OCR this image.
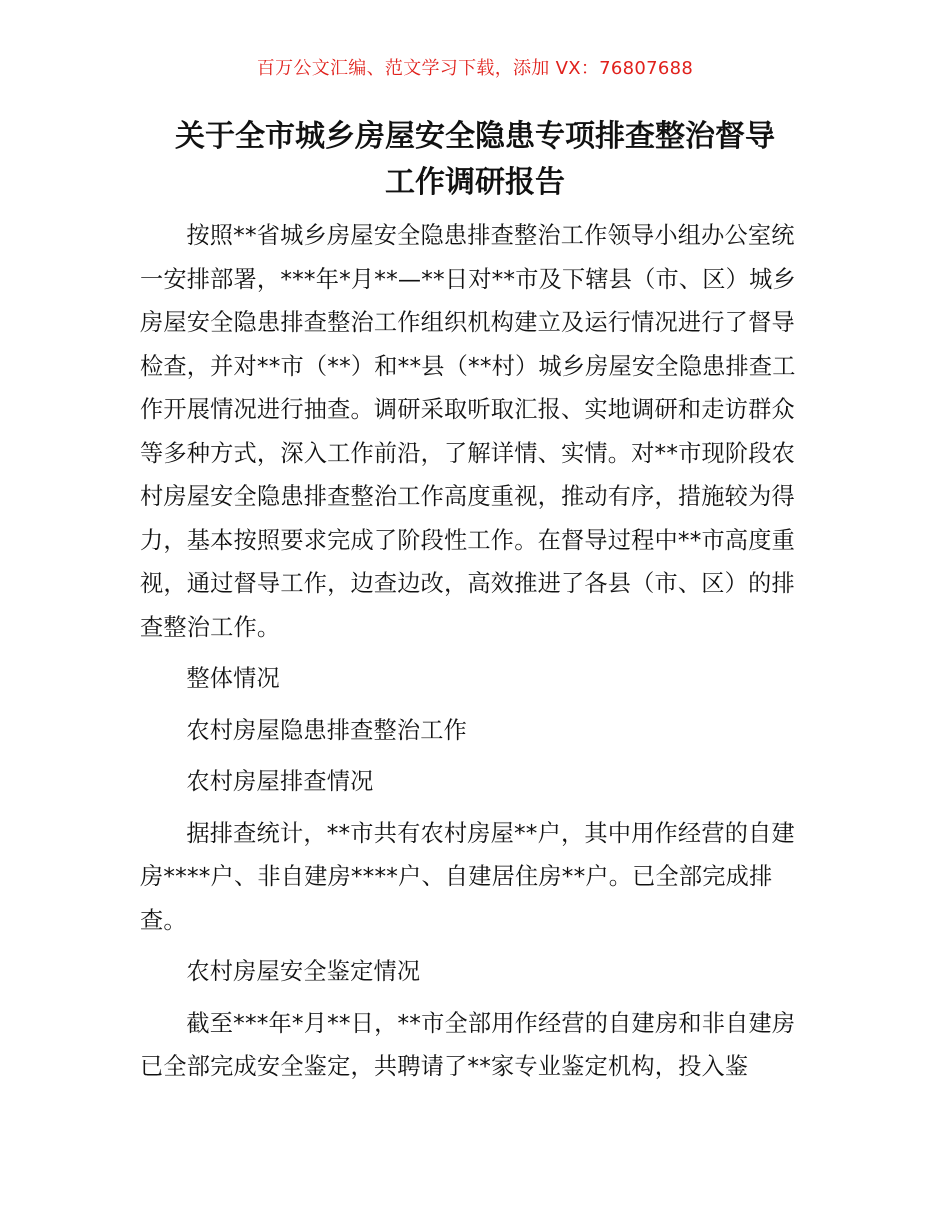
百万公文汇编、范文学习下载，添加 VX：76807688
关于全市城乡房屋安全隐患专项排查整治督导
工作调研报告

按照**省城乡房屋安全隐患排查整治工作领导小组办公室统一安排部署，***年*月**—**日对**市及下辖县（市、区）城乡房屋安全隐患排查整治工作组织机构建立及运行情况进行了督导检查，并对**市（**）和**县（**村）城乡房屋安全隐患排查工作开展情况进行抽查。调研采取听取汇报、实地调研和走访群众等多种方式，深入工作前沿，了解详情、实情。对**市现阶段农村房屋安全隐患排查整治工作高度重视，推动有序，措施较为得力，基本按照要求完成了阶段性工作。在督导过程中**市高度重视，通过督导工作，边查边改，高效推进了各县（市、区）的排查整治工作。

整体情况

农村房屋隐患排查整治工作

农村房屋排查情况

据排查统计，**市共有农村房屋**户，其中用作经营的自建房****户、非自建房****户、自建居住房**户。已全部完成排查。

农村房屋安全鉴定情况

截至***年*月**日，**市全部用作经营的自建房和非自建房已全部完成安全鉴定，共聘请了**家专业鉴定机构，投入鉴
